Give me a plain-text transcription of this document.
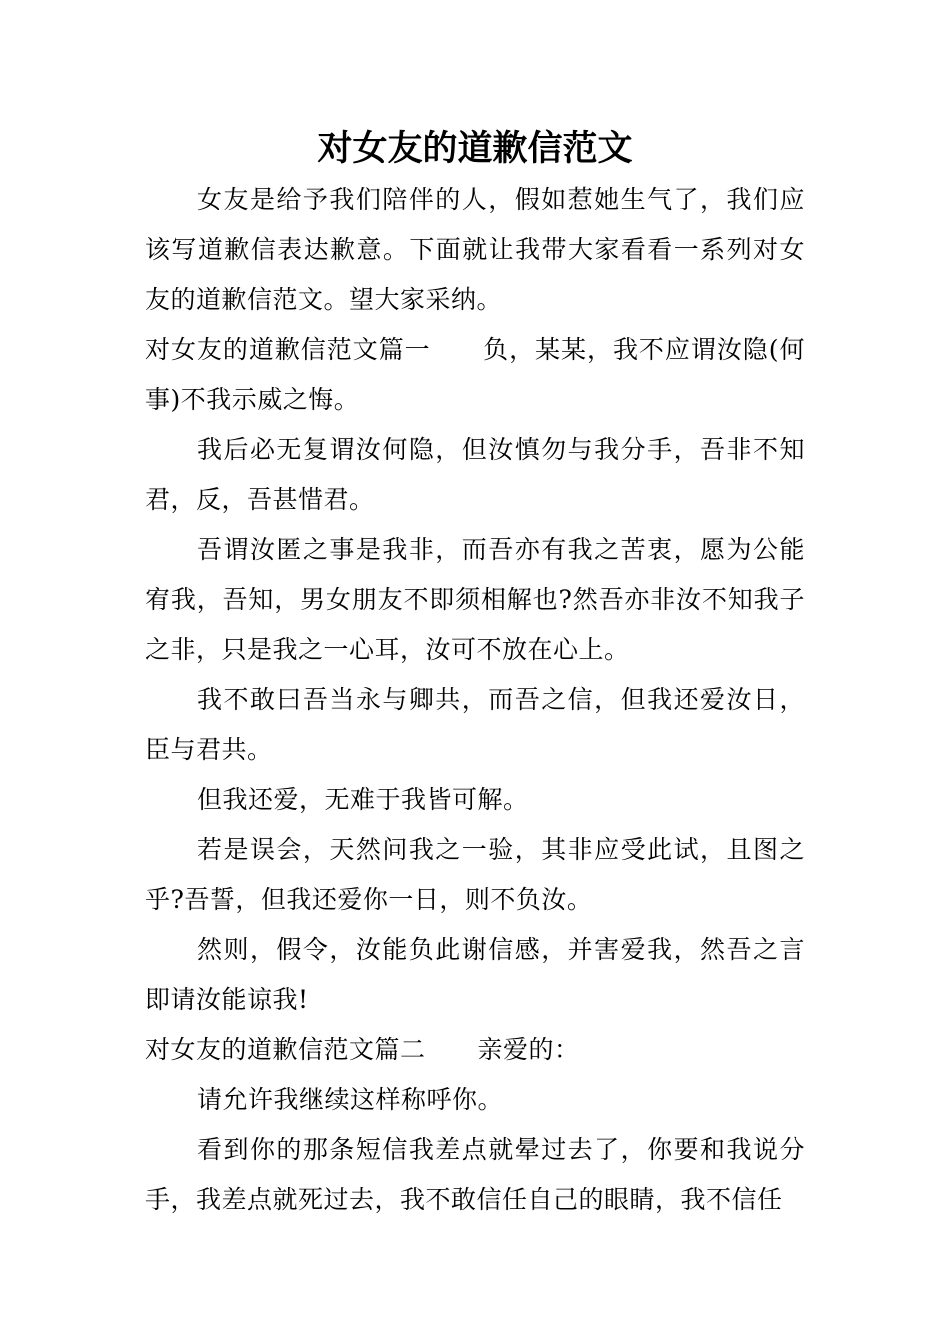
对女友的道歉信范文

女友是给予我们陪伴的人，假如惹她生气了，我们应该写道歉信表达歉意。下面就让我带大家看看一系列对女友的道歉信范文。望大家采纳。

对女友的道歉信范文篇一 负，某某，我不应谓汝隐(何事)不我示威之悔。

我后必无复谓汝何隐，但汝慎勿与我分手，吾非不知君，反，吾甚惜君。

吾谓汝匿之事是我非，而吾亦有我之苦衷，愿为公能宥我，吾知，男女朋友不即须相解也?然吾亦非汝不知我子之非，只是我之一心耳，汝可不放在心上。

我不敢曰吾当永与卿共，而吾之信，但我还爱汝日，臣与君共。

但我还爱，无难于我皆可解。

若是误会，天然问我之一验，其非应受此试，且图之乎?吾誓，但我还爱你一日，则不负汝。

然则，假令，汝能负此谢信感，并害爱我，然吾之言即请汝能谅我!

对女友的道歉信范文篇二 亲爱的：

请允许我继续这样称呼你。

看到你的那条短信我差点就晕过去了，你要和我说分手，我差点就死过去，我不敢信任自己的眼睛，我不信任
